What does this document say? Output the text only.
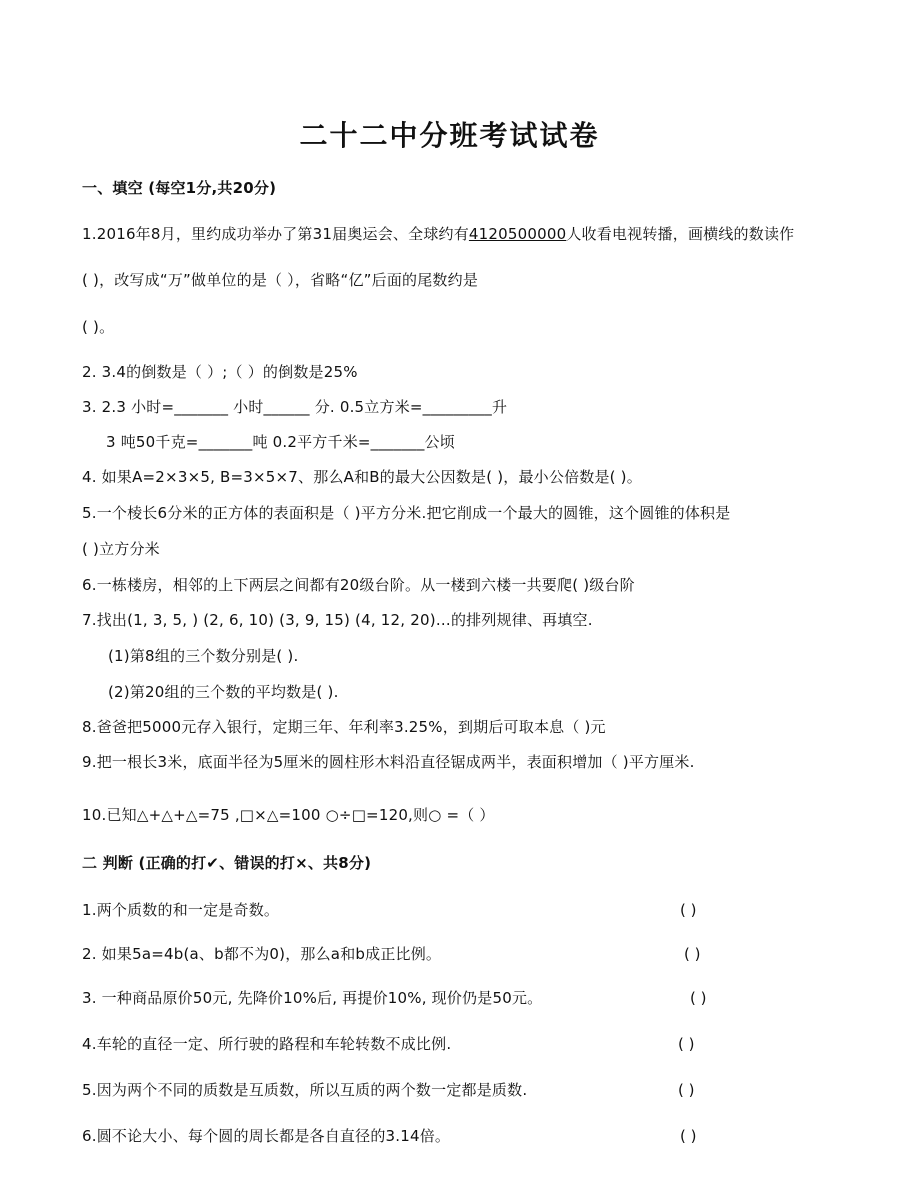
二十二中分班考试试卷
一、填空 (每空1分,共20分)
1.2016年8月，里约成功举办了第31届奥运会、全球约有4120500000人收看电视转播，画横线的数读作
( )，改写成“万”做单位的是（ ），省略“亿”后面的尾数约是
( )。
2. 3.4的倒数是（ ）;（ ）的倒数是25%
3. 2.3 小时=_______ 小时______ 分. 0.5立方米=_________升
3 吨50千克=_______吨 0.2平方千米=_______公顷
4. 如果A=2×3×5, B=3×5×7、那么A和B的最大公因数是( )，最小公倍数是( )。
5.一个棱长6分米的正方体的表面积是（ )平方分米.把它削成一个最大的圆锥，这个圆锥的体积是
( )立方分米
6.一栋楼房，相邻的上下两层之间都有20级台阶。从一楼到六楼一共要爬( )级台阶
7.找出(1, 3, 5, ) (2, 6, 10) (3, 9, 15) (4, 12, 20)…的排列规律、再填空.
(1)第8组的三个数分别是( ).
(2)第20组的三个数的平均数是( ).
8.爸爸把5000元存入银行，定期三年、年利率3.25%，到期后可取本息（ )元
9.把一根长3米，底面半径为5厘米的圆柱形木料沿直径锯成两半，表面积增加（ )平方厘米.
10.已知△+△+△=75 ,□×△=100 ○÷□=120,则○ =（ ）
二 判断 (正确的打✔、错误的打×、共8分)
1.两个质数的和一定是奇数。	( )
2. 如果5a=4b(a、b都不为0)，那么a和b成正比例。	( )
3. 一种商品原价50元, 先降价10%后, 再提价10%, 现价仍是50元。	( )
4.车轮的直径一定、所行驶的路程和车轮转数不成比例.	( )
5.因为两个不同的质数是互质数，所以互质的两个数一定都是质数.	( )
6.圆不论大小、每个圆的周长都是各自直径的3.14倍。	( )
